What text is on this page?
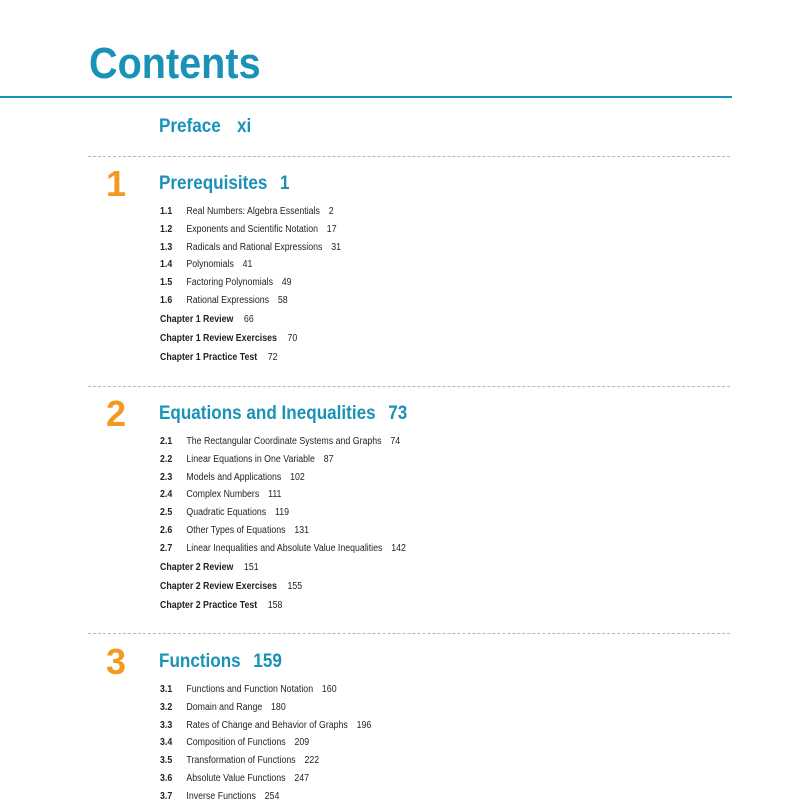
Contents
Preface xi
1 Prerequisites 1
1.1 Real Numbers: Algebra Essentials 2
1.2 Exponents and Scientific Notation 17
1.3 Radicals and Rational Expressions 31
1.4 Polynomials 41
1.5 Factoring Polynomials 49
1.6 Rational Expressions 58
Chapter 1 Review 66
Chapter 1 Review Exercises 70
Chapter 1 Practice Test 72
2 Equations and Inequalities 73
2.1 The Rectangular Coordinate Systems and Graphs 74
2.2 Linear Equations in One Variable 87
2.3 Models and Applications 102
2.4 Complex Numbers 111
2.5 Quadratic Equations 119
2.6 Other Types of Equations 131
2.7 Linear Inequalities and Absolute Value Inequalities 142
Chapter 2 Review 151
Chapter 2 Review Exercises 155
Chapter 2 Practice Test 158
3 Functions 159
3.1 Functions and Function Notation 160
3.2 Domain and Range 180
3.3 Rates of Change and Behavior of Graphs 196
3.4 Composition of Functions 209
3.5 Transformation of Functions 222
3.6 Absolute Value Functions 247
3.7 Inverse Functions 254
